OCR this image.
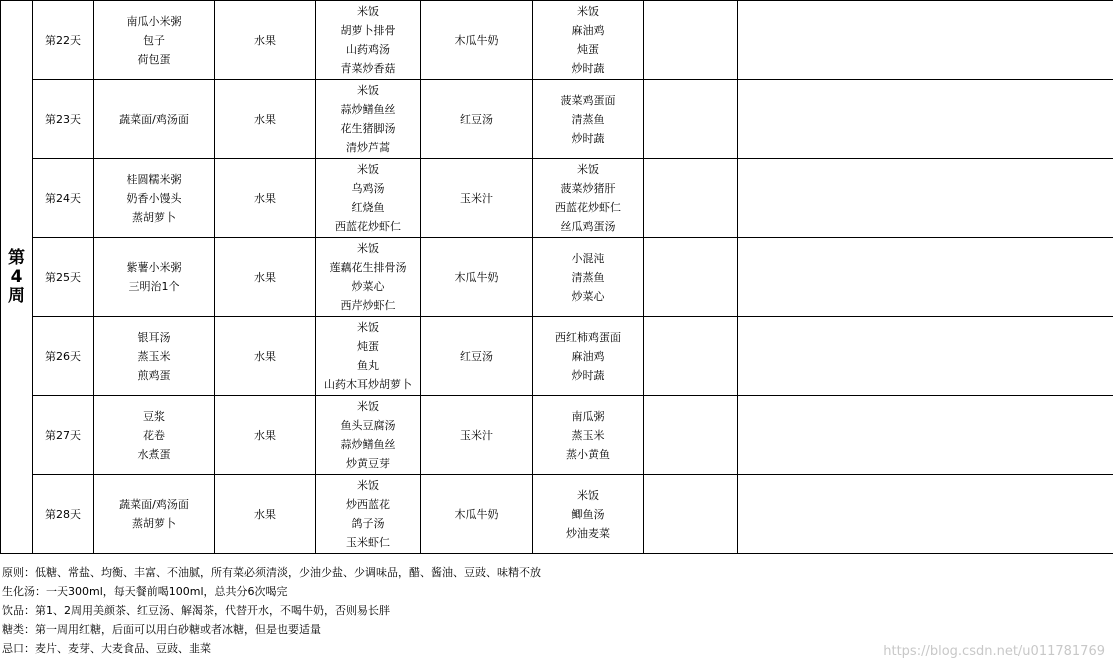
第
4
周	第22天	南瓜小米粥
包子
荷包蛋	水果	米饭
胡萝卜排骨
山药鸡汤
青菜炒香菇	木瓜牛奶	米饭
麻油鸡
炖蛋
炒时蔬		

	第23天	蔬菜面/鸡汤面	水果	米饭
蒜炒鳝鱼丝
花生猪脚汤
清炒芦蒿	红豆汤	菠菜鸡蛋面
清蒸鱼
炒时蔬		

	第24天	桂圆糯米粥
奶香小馒头
蒸胡萝卜	水果	米饭
乌鸡汤
红烧鱼
西蓝花炒虾仁	玉米汁	米饭
菠菜炒猪肝
西蓝花炒虾仁
丝瓜鸡蛋汤		

	第25天	紫薯小米粥
三明治1个	水果	米饭
莲藕花生排骨汤
炒菜心
西芹炒虾仁	木瓜牛奶	小混沌
清蒸鱼
炒菜心		

	第26天	银耳汤
蒸玉米
煎鸡蛋	水果	米饭
炖蛋
鱼丸
山药木耳炒胡萝卜	红豆汤	西红柿鸡蛋面
麻油鸡
炒时蔬		

	第27天	豆浆
花卷
水煮蛋	水果	米饭
鱼头豆腐汤
蒜炒鳝鱼丝
炒黄豆芽	玉米汁	南瓜粥
蒸玉米
蒸小黄鱼		

	第28天	蔬菜面/鸡汤面
蒸胡萝卜	水果	米饭
炒西蓝花
鸽子汤
玉米虾仁	木瓜牛奶	米饭
鲫鱼汤
炒油麦菜		

原则：低糖、常盐、均衡、丰富、不油腻，所有菜必须清淡，少油少盐、少调味品，醋、酱油、豆豉、味精不放
生化汤：一天300ml，每天餐前喝100ml，总共分6次喝完
饮品：第1、2周用美颜茶、红豆汤、解渴茶，代替开水，不喝牛奶，否则易长胖
糖类：第一周用红糖，后面可以用白砂糖或者冰糖，但是也要适量
忌口：麦片、麦芽、大麦食品、豆豉、韭菜	https://blog.csdn.net/u011781769
